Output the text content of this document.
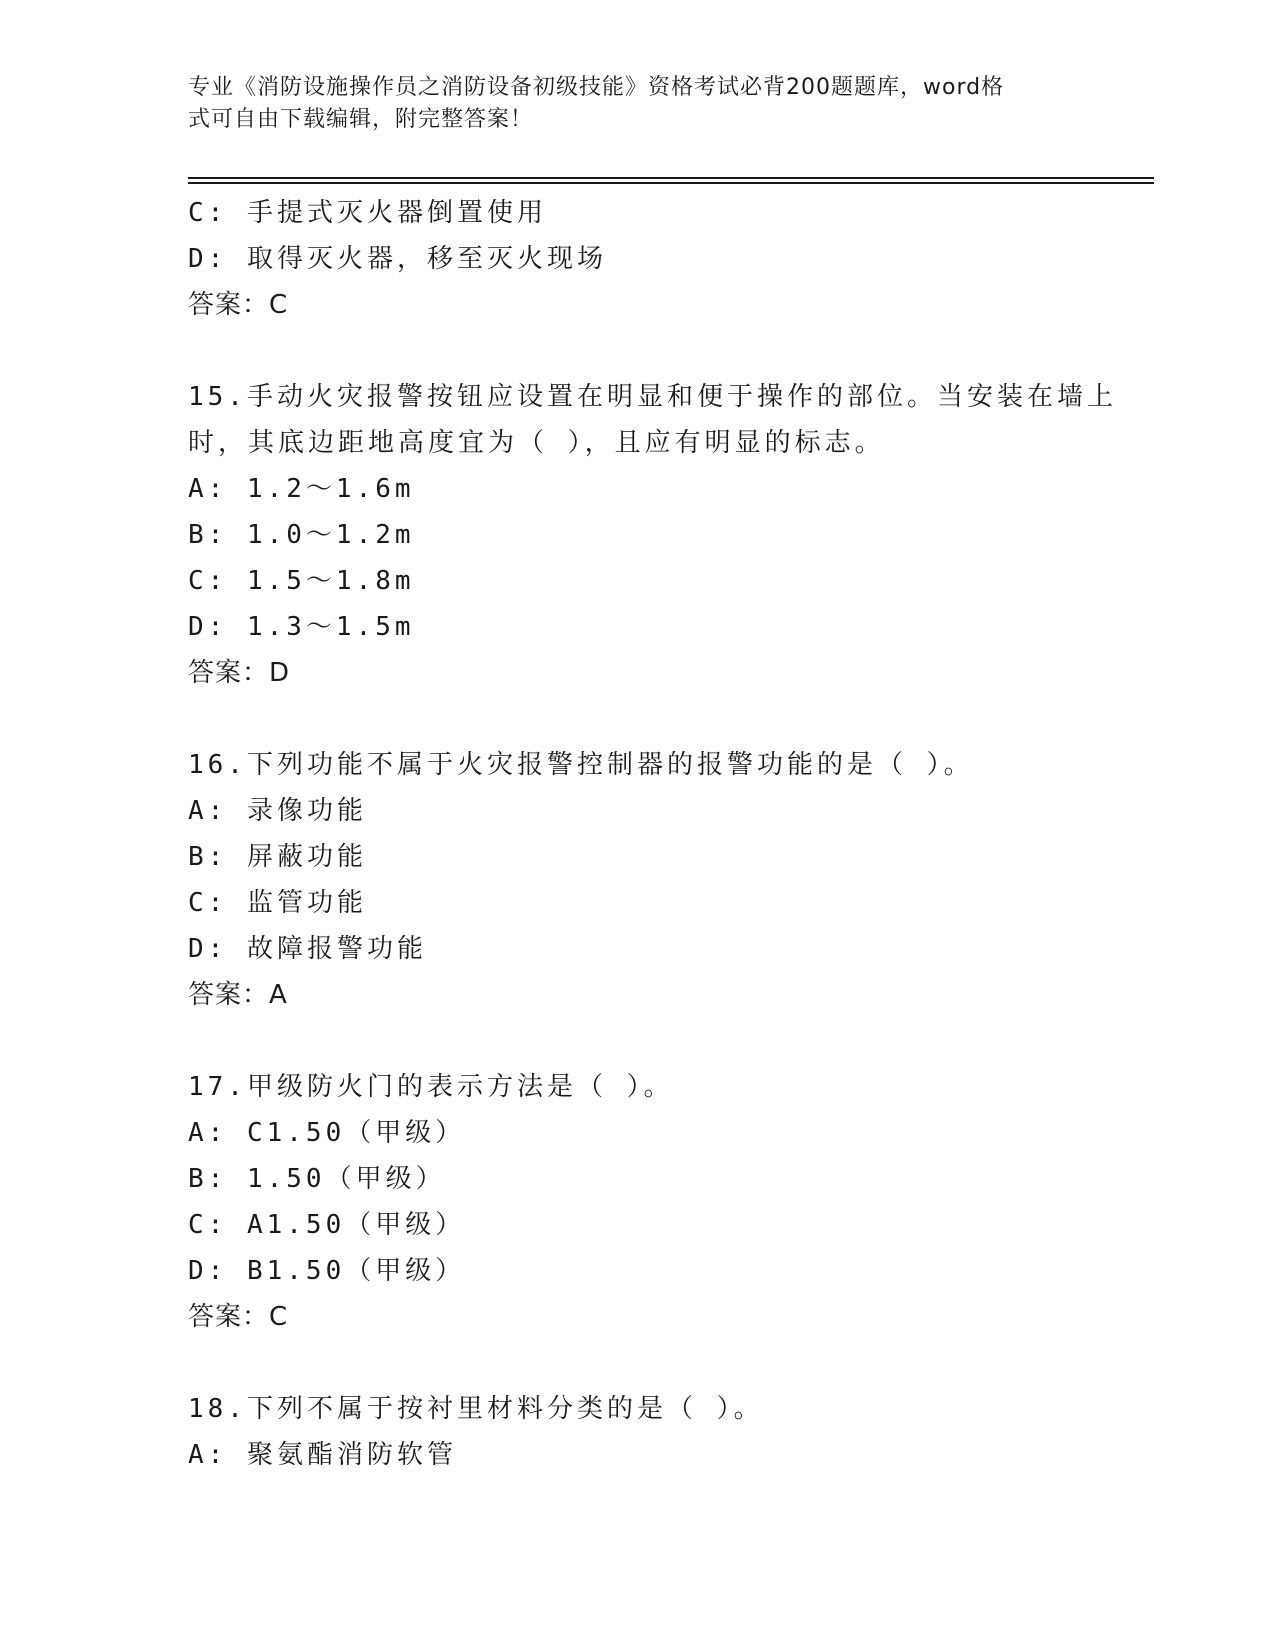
专业《消防设施操作员之消防设备初级技能》资格考试必背200题题库，word格
式可自由下载编辑，附完整答案！
C: 手提式灭火器倒置使用
D: 取得灭火器，移至灭火现场
答案：C
15.手动火灾报警按钮应设置在明显和便于操作的部位。当安装在墙上
时，其底边距地高度宜为（ ），且应有明显的标志。
A: 1.2～1.6m
B: 1.0～1.2m
C: 1.5～1.8m
D: 1.3～1.5m
答案：D
16.下列功能不属于火灾报警控制器的报警功能的是（ ）。
A: 录像功能
B: 屏蔽功能
C: 监管功能
D: 故障报警功能
答案：A
17.甲级防火门的表示方法是（ ）。
A: C1.50（甲级）
B: 1.50（甲级）
C: A1.50（甲级）
D: B1.50（甲级）
答案：C
18.下列不属于按衬里材料分类的是（ ）。
A: 聚氨酯消防软管
